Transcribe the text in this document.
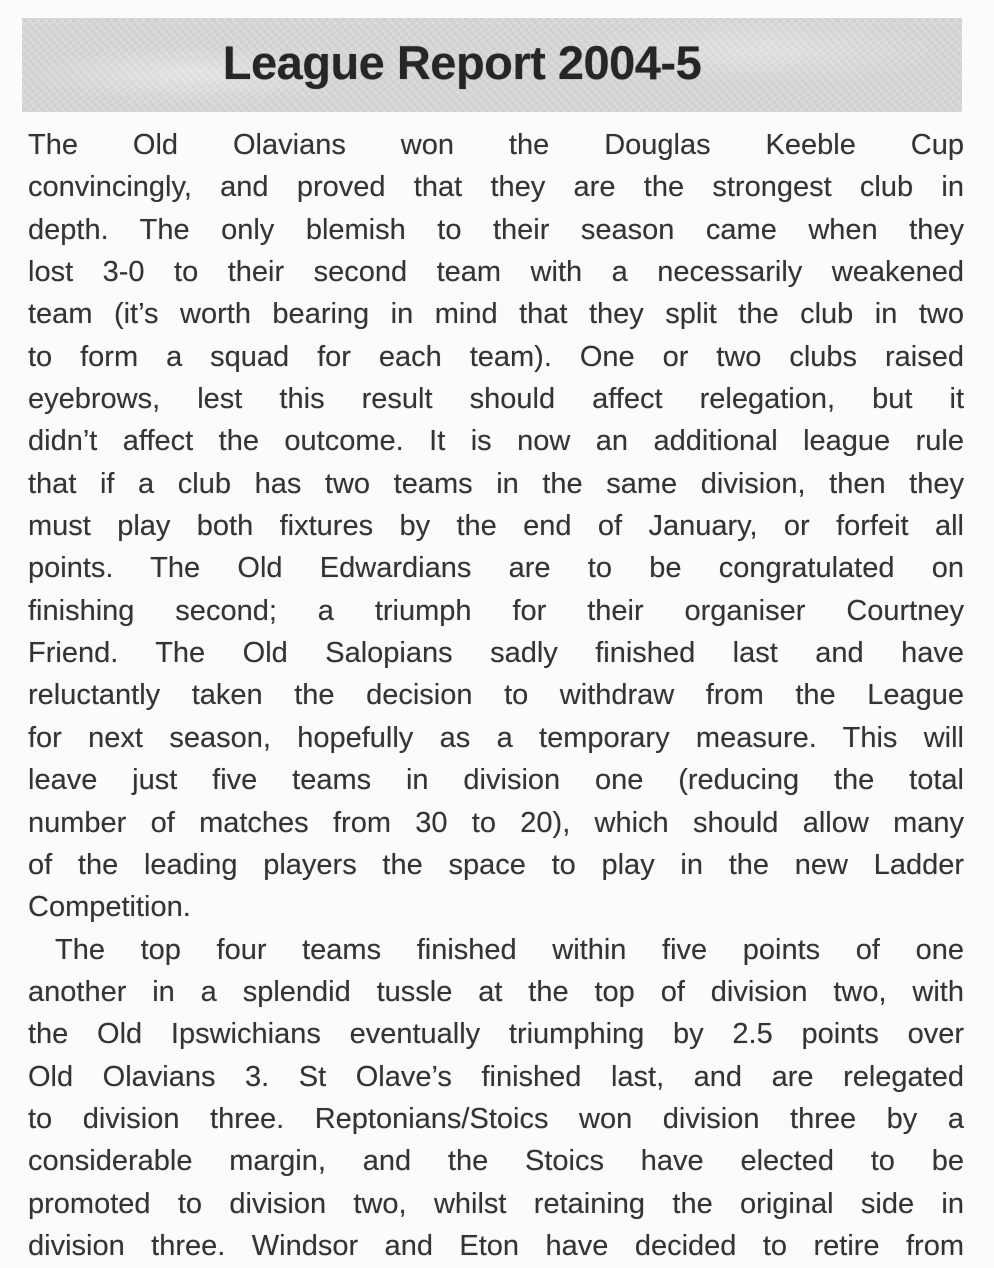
League Report 2004-5
The Old Olavians won the Douglas Keeble Cup
convincingly, and proved that they are the strongest club in
depth. The only blemish to their season came when they
lost 3-0 to their second team with a necessarily weakened
team (it’s worth bearing in mind that they split the club in two
to form a squad for each team). One or two clubs raised
eyebrows, lest this result should affect relegation, but it
didn’t affect the outcome. It is now an additional league rule
that if a club has two teams in the same division, then they
must play both fixtures by the end of January, or forfeit all
points. The Old Edwardians are to be congratulated on
finishing second; a triumph for their organiser Courtney
Friend. The Old Salopians sadly finished last and have
reluctantly taken the decision to withdraw from the League
for next season, hopefully as a temporary measure. This will
leave just five teams in division one (reducing the total
number of matches from 30 to 20), which should allow many
of the leading players the space to play in the new Ladder
Competition.
The top four teams finished within five points of one
another in a splendid tussle at the top of division two, with
the Old Ipswichians eventually triumphing by 2.5 points over
Old Olavians 3. St Olave’s finished last, and are relegated
to division three. Reptonians/Stoics won division three by a
considerable margin, and the Stoics have elected to be
promoted to division two, whilst retaining the original side in
division three. Windsor and Eton have decided to retire from
